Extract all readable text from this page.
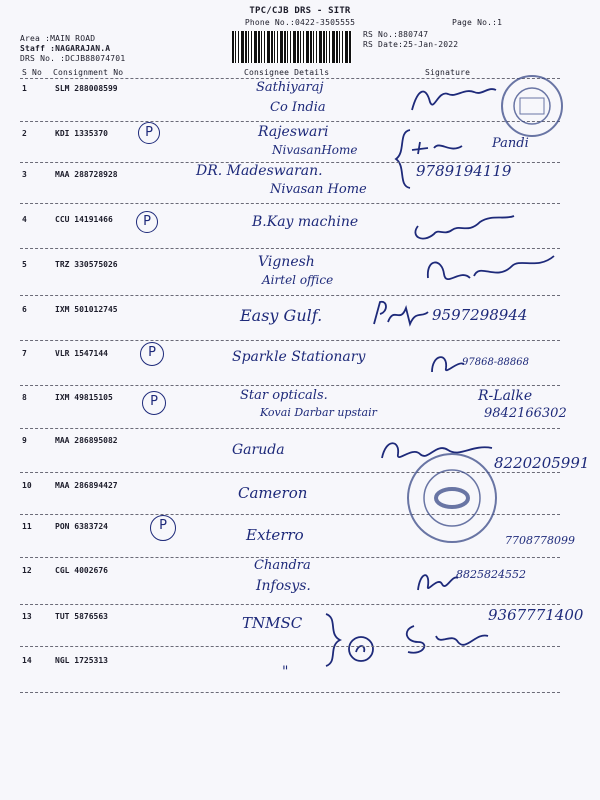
TPC/CJB DRS - SITR
Phone No.:0422-3505555	Page No.:1
Area :MAIN ROAD
Staff :NAGARAJAN.A
DRS No. :DCJB88074701
RS No.:880747
RS Date:25-Jan-2022
S No Consignment No	Consignee Details	Signature
1	SLM 288008599	Sathiyaraj
Co India
2	KDI 1335370	P	Rajeswari
NivasanHome	Pandi
3	MAA 288728928	DR. Madeswaran.
Nivasan Home
9789194119
4	CCU 14191466	P	B.Kay machine
5	TRZ 330575026	Vignesh
Airtel office
6	IXM 501012745	Easy Gulf.	9597298944
7	VLR 1547144	P	Sparkle Stationary	97868-88868
8	IXM 49815105	P	Star opticals.
Kovai Darbar upstair
R-Lalke
9842166302
9	MAA 286895082
Garuda
8220205991
10	MAA 286894427	Cameron
11	PON 6383724	P
Exterro	7708778099
12	CGL 4002676	Chandra
Infosys.
8825824552
13	TUT 5876563	TNMSC	9367771400
14	NGL 1725313
"
